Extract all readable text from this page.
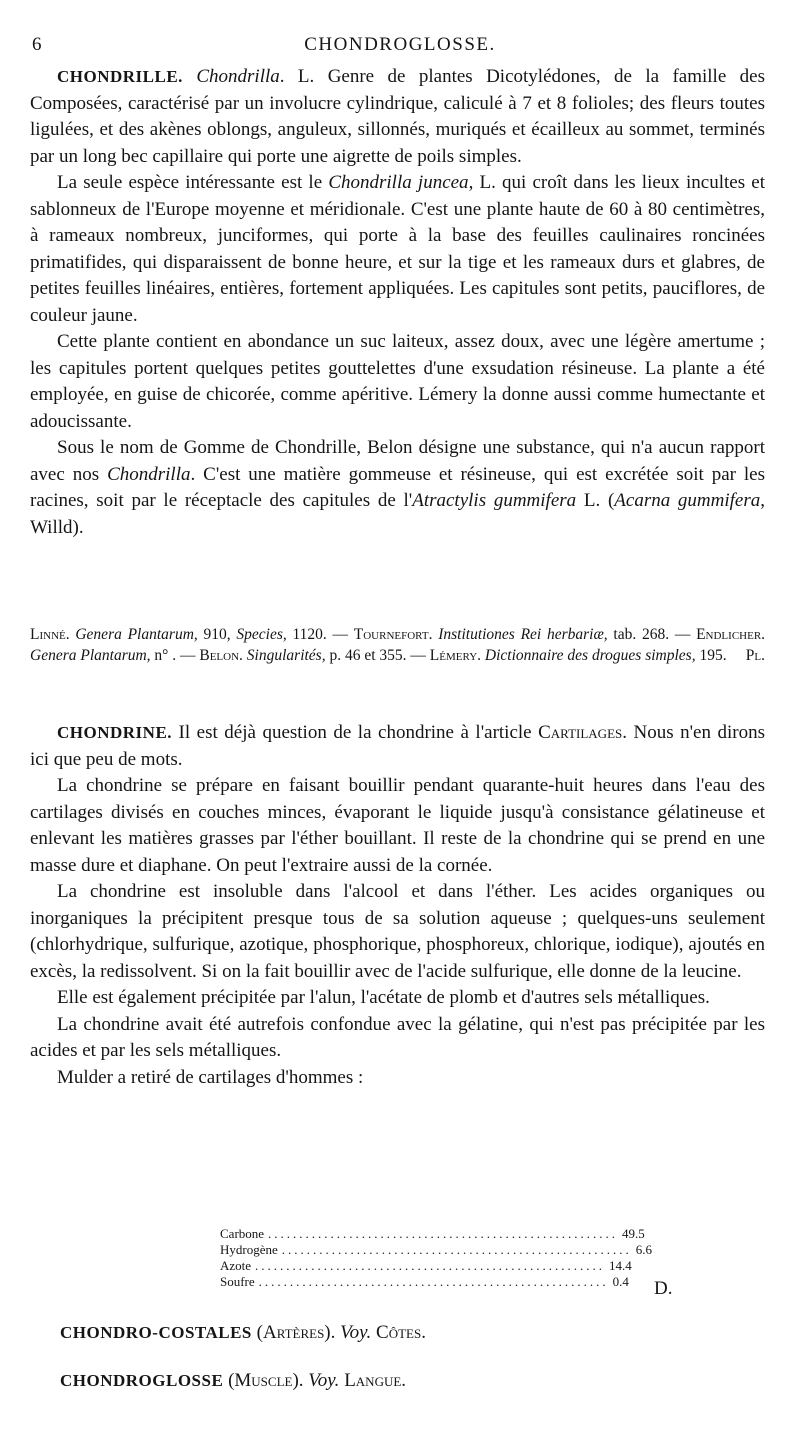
6	CHONDROGLOSSE.

CHONDRILLE. Chondrilla. L. Genre de plantes Dicotylédones, de la famille des Composées, caractérisé par un involucre cylindrique, caliculé à 7 et 8 folioles; des fleurs toutes ligulées, et des akènes oblongs, anguleux, sillonnés, muriqués et écailleux au sommet, terminés par un long bec capillaire qui porte une aigrette de poils simples.

La seule espèce intéressante est le Chondrilla juncea, L. qui croît dans les lieux incultes et sablonneux de l'Europe moyenne et méridionale. C'est une plante haute de 60 à 80 centimètres, à rameaux nombreux, junciformes, qui porte à la base des feuilles caulinaires roncinées primatifides, qui disparaissent de bonne heure, et sur la tige et les rameaux durs et glabres, de petites feuilles linéaires, entières, fortement appliquées. Les capitules sont petits, pauciflores, de couleur jaune.

Cette plante contient en abondance un suc laiteux, assez doux, avec une légère amertume ; les capitules portent quelques petites gouttelettes d'une exsudation résineuse. La plante a été employée, en guise de chicorée, comme apéritive. Lémery la donne aussi comme humectante et adoucissante.

Sous le nom de Gomme de Chondrille, Belon désigne une substance, qui n'a aucun rapport avec nos Chondrilla. C'est une matière gommeuse et résineuse, qui est excrétée soit par les racines, soit par le réceptacle des capitules de l'Atractylis gummifera L. (Acarna gummifera, Willd).

Linné. Genera Plantarum, 910, Species, 1120. — Tournefort. Institutiones Rei herbariæ, tab. 268. — Endlicher. Genera Plantarum, n° . — Belon. Singularités, p. 46 et 355. — Lémery. Dictionnaire des drogues simples, 195. Pl.

CHONDRINE. Il est déjà question de la chondrine à l'article Cartilages. Nous n'en dirons ici que peu de mots.

La chondrine se prépare en faisant bouillir pendant quarante-huit heures dans l'eau des cartilages divisés en couches minces, évaporant le liquide jusqu'à consistance gélatineuse et enlevant les matières grasses par l'éther bouillant. Il reste de la chondrine qui se prend en une masse dure et diaphane. On peut l'extraire aussi de la cornée.

La chondrine est insoluble dans l'alcool et dans l'éther. Les acides organiques ou inorganiques la précipitent presque tous de sa solution aqueuse ; quelques-uns seulement (chlorhydrique, sulfurique, azotique, phosphorique, phosphoreux, chlorique, iodique), ajoutés en excès, la redissolvent. Si on la fait bouillir avec de l'acide sulfurique, elle donne de la leucine.

Elle est également précipitée par l'alun, l'acétate de plomb et d'autres sels métalliques.

La chondrine avait été autrefois confondue avec la gélatine, qui n'est pas précipitée par les acides et par les sels métalliques.

Mulder a retiré de cartilages d'hommes :

Carbone ........................................................ 49.5
Hydrogène ........................................................ 6.6
Azote ........................................................ 14.4
Soufre ........................................................ 0.4 D.
CHONDRO-COSTALES (Artères). Voy. Côtes.
CHONDROGLOSSE (Muscle). Voy. Langue.
